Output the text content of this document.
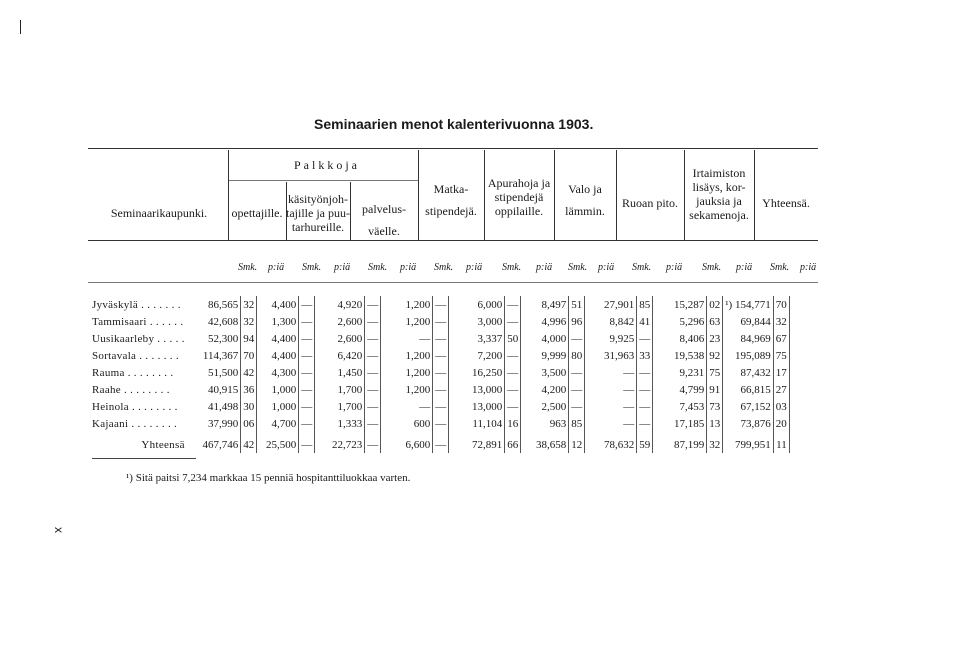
x
Seminaarien menot kalenterivuonna 1903.
Seminaarikaupunki.
Palkkoja
opettajille.
käsityönjoh-
tajille ja puu-
tarhureille.
palvelus-
väelle.
Matka-
stipendejä.
Apurahoja ja
stipendejä
oppilaille.
Valo ja
lämmin.
Ruoan pito.
Irtaimiston
lisäys, kor-
jauksia ja
sekamenoja.
Yhteensä.
Smk. p:iä Smk. p:iä Smk. p:iä Smk. p:iä Smk. p:iä Smk. p:iä Smk. p:iä Smk. p:iä Smk. p:iä
Jyväskylä . . . . . . .	86,565	32	4,400	—	4,920	—	1,200	—	6,000	—	8,497	51	27,901	85	15,287	02	¹) 154,771	70
Tammisaari . . . . . .	42,608	32	1,300	—	2,600	—	1,200	—	3,000	—	4,996	96	8,842	41	5,296	63	69,844	32
Uusikaarleby . . . . .	52,300	94	4,400	—	2,600	—	—	—	3,337	50	4,000	—	9,925	—	8,406	23	84,969	67
Sortavala . . . . . . .	114,367	70	4,400	—	6,420	—	1,200	—	7,200	—	9,999	80	31,963	33	19,538	92	195,089	75
Rauma . . . . . . . .	51,500	42	4,300	—	1,450	—	1,200	—	16,250	—	3,500	—	—	—	9,231	75	87,432	17
Raahe . . . . . . . .	40,915	36	1,000	—	1,700	—	1,200	—	13,000	—	4,200	—	—	—	4,799	91	66,815	27
Heinola . . . . . . . .	41,498	30	1,000	—	1,700	—	—	—	13,000	—	2,500	—	—	—	7,453	73	67,152	03
Kajaani . . . . . . . .	37,990	06	4,700	—	1,333	—	600	—	11,104	16	963	85	—	—	17,185	13	73,876	20
Yhteensä	467,746	42	25,500	—	22,723	—	6,600	—	72,891	66	38,658	12	78,632	59	87,199	32	799,951	11
¹) Sitä paitsi 7,234 markkaa 15 penniä hospitanttiluokkaa varten.
